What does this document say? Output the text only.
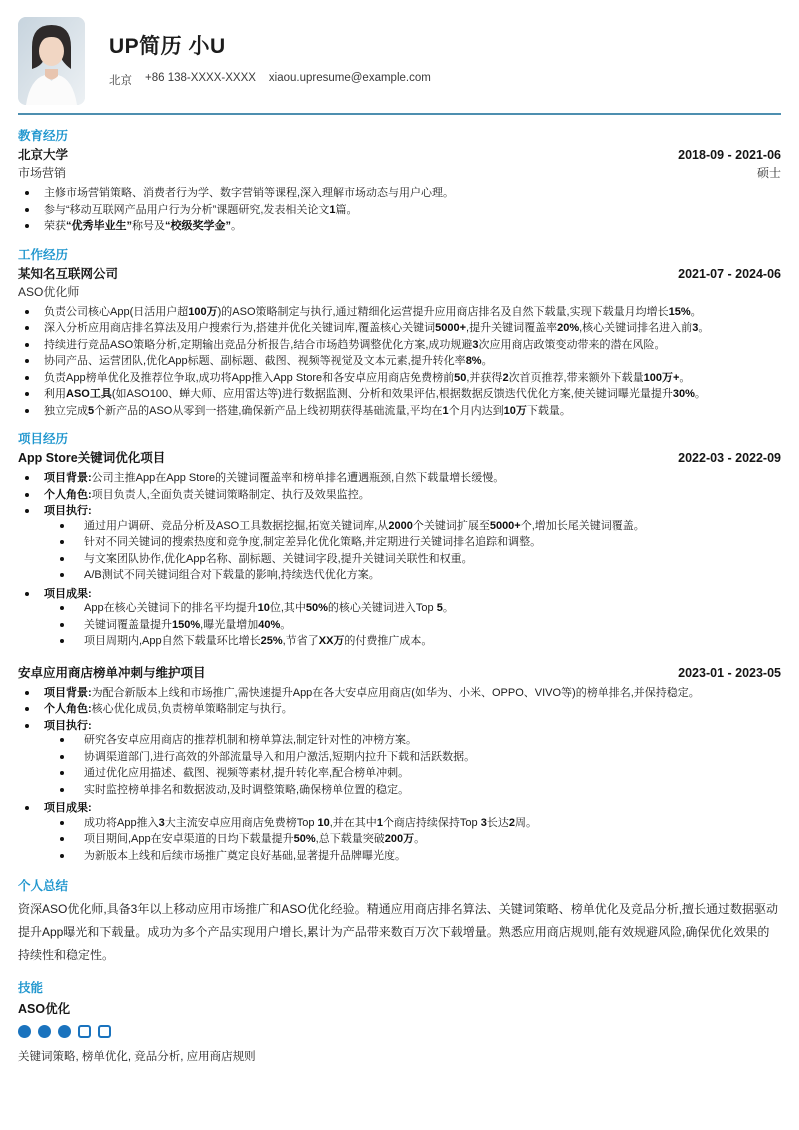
UP简历 小U
北京 +86 138-XXXX-XXXX xiaou.upresume@example.com
教育经历
北京大学	2018-09 - 2021-06
市场营销	硕士
主修市场营销策略、消费者行为学、数字营销等课程,深入理解市场动态与用户心理。
参与“移动互联网产品用户行为分析”课题研究,发表相关论文1篇。
荣获“优秀毕业生”称号及“校级奖学金”。
工作经历
某知名互联网公司	2021-07 - 2024-06
ASO优化师
负责公司核心App(日活用户超100万)的ASO策略制定与执行,通过精细化运营提升应用商店排名及自然下载量,实现下载量月均增长15%。
深入分析应用商店排名算法及用户搜索行为,搭建并优化关键词库,覆盖核心关键词5000+,提升关键词覆盖率20%,核心关键词排名进入前3。
持续进行竞品ASO策略分析,定期输出竞品分析报告,结合市场趋势调整优化方案,成功规避3次应用商店政策变动带来的潜在风险。
协同产品、运营团队,优化App标题、副标题、截图、视频等视觉及文本元素,提升转化率8%。
负责App榜单优化及推荐位争取,成功将App推入App Store和各安卓应用商店免费榜前50,并获得2次首页推荐,带来额外下载量100万+。
利用ASO工具(如ASO100、蝉大师、应用雷达等)进行数据监测、分析和效果评估,根据数据反馈迭代优化方案,使关键词曝光量提升30%。
独立完成5个新产品的ASO从零到一搭建,确保新产品上线初期获得基础流量,平均在1个月内达到10万下载量。
项目经历
App Store关键词优化项目	2022-03 - 2022-09
项目背景:公司主推App在App Store的关键词覆盖率和榜单排名遭遇瓶颈,自然下载量增长缓慢。
个人角色:项目负责人,全面负责关键词策略制定、执行及效果监控。
项目执行:
通过用户调研、竞品分析及ASO工具数据挖掘,拓宽关键词库,从2000个关键词扩展至5000+个,增加长尾关键词覆盖。
针对不同关键词的搜索热度和竞争度,制定差异化优化策略,并定期进行关键词排名追踪和调整。
与文案团队协作,优化App名称、副标题、关键词字段,提升关键词关联性和权重。
A/B测试不同关键词组合对下载量的影响,持续迭代优化方案。
项目成果:
App在核心关键词下的排名平均提升10位,其中50%的核心关键词进入Top 5。
关键词覆盖量提升150%,曝光量增加40%。
项目周期内,App自然下载量环比增长25%,节省了XX万的付费推广成本。
安卓应用商店榜单冲刺与维护项目	2023-01 - 2023-05
项目背景:为配合新版本上线和市场推广,需快速提升App在各大安卓应用商店(如华为、小米、OPPO、VIVO等)的榜单排名,并保持稳定。
个人角色:核心优化成员,负责榜单策略制定与执行。
项目执行:
研究各安卓应用商店的推荐机制和榜单算法,制定针对性的冲榜方案。
协调渠道部门,进行高效的外部流量导入和用户激活,短期内拉升下载和活跃数据。
通过优化应用描述、截图、视频等素材,提升转化率,配合榜单冲刺。
实时监控榜单排名和数据波动,及时调整策略,确保榜单位置的稳定。
项目成果:
成功将App推入3大主流安卓应用商店免费榜Top 10,并在其中1个商店持续保持Top 3长达2周。
项目期间,App在安卓渠道的日均下载量提升50%,总下载量突破200万。
为新版本上线和后续市场推广奠定良好基础,显著提升品牌曝光度。
个人总结

资深ASO优化师,具备3年以上移动应用市场推广和ASO优化经验。精通应用商店排名算法、关键词策略、榜单优化及竞品分析,擅长通过数据驱动提升App曝光和下载量。成功为多个产品实现用户增长,累计为产品带来数百万次下载增量。熟悉应用商店规则,能有效规避风险,确保优化效果的持续性和稳定性。

技能
ASO优化
关键词策略, 榜单优化, 竞品分析, 应用商店规则
